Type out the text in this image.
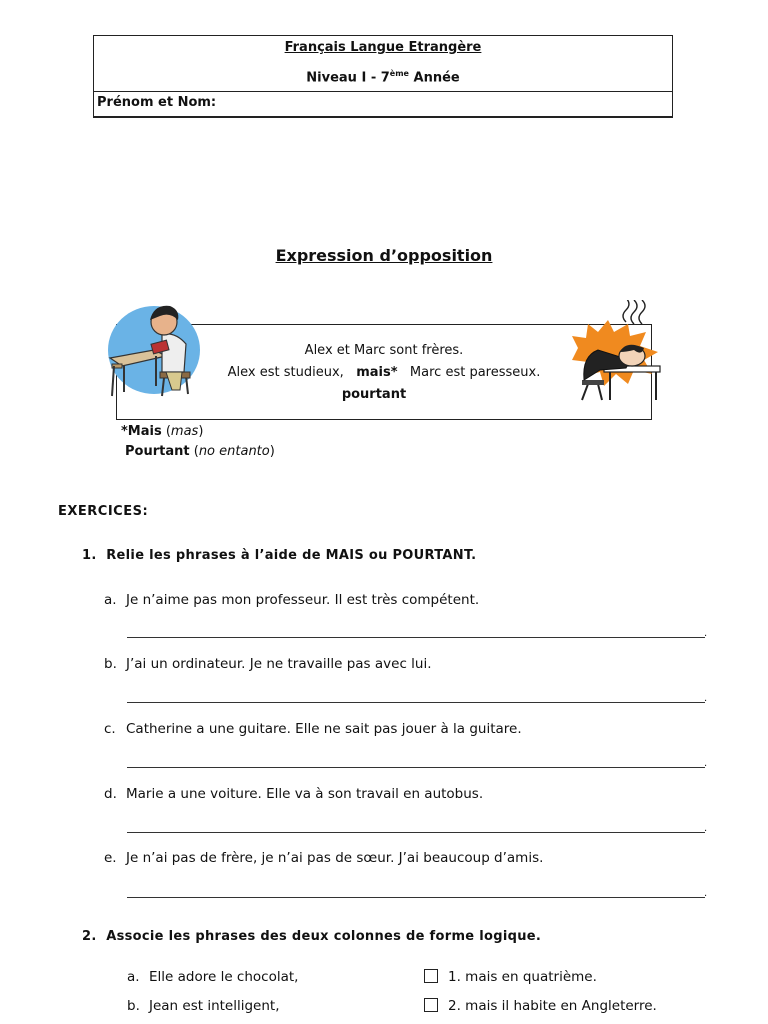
Français Langue Etrangère
Niveau I - 7ème Année
Prénom et Nom:
Expression d’opposition
Alex et Marc sont frères.
Alex est studieux, mais* Marc est paresseux.
pourtant
*Mais (mas)
Pourtant (no entanto)
EXERCICES:
1. Relie les phrases à l’aide de MAIS ou POURTANT.
a. Je n’aime pas mon professeur. Il est très compétent.
.
b. J’ai un ordinateur. Je ne travaille pas avec lui.
.
c. Catherine a une guitare. Elle ne sait pas jouer à la guitare.
.
d. Marie a une voiture. Elle va à son travail en autobus.
.
e. Je n’ai pas de frère, je n’ai pas de sœur. J’ai beaucoup d’amis.
.
2. Associe les phrases des deux colonnes de forme logique.
a. Elle adore le chocolat,
b. Jean est intelligent,
1. mais en quatrième.
2. mais il habite en Angleterre.
